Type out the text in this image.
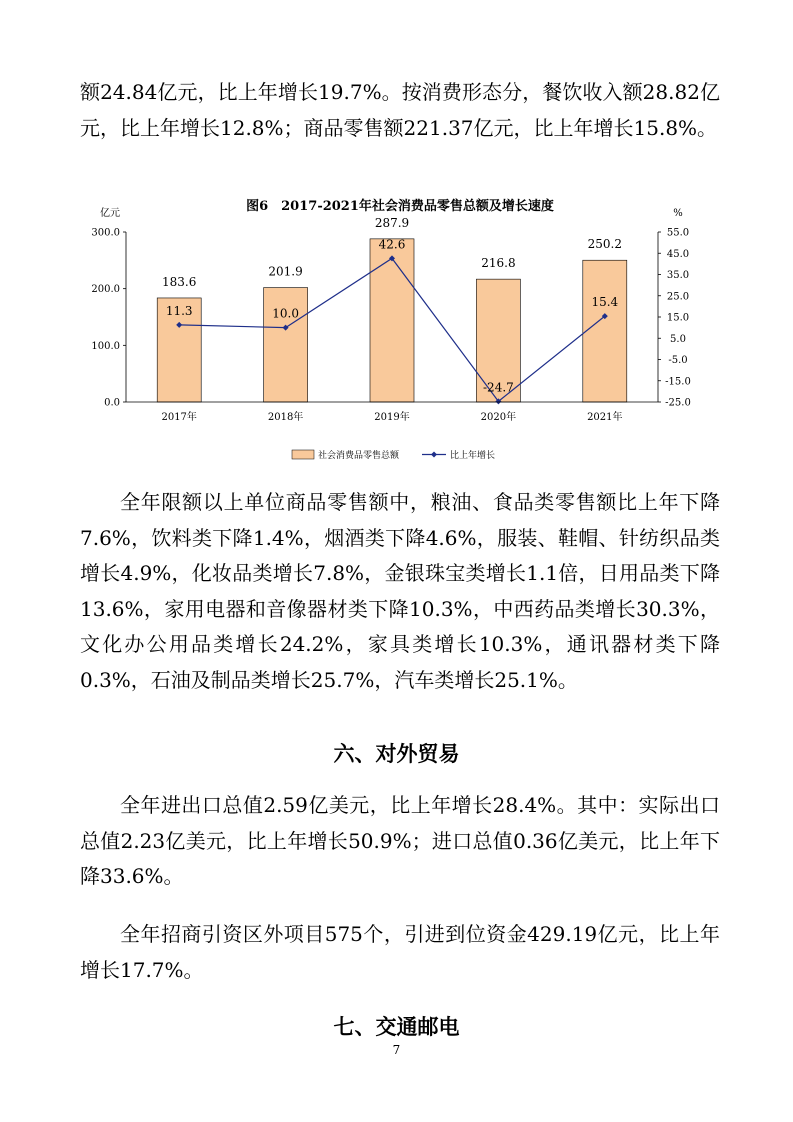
额24.84亿元，比上年增长19.7%。按消费形态分，餐饮收入额28.82亿元，比上年增长12.8%；商品零售额221.37亿元，比上年增长15.8%。

图6　2017-2021年社会消费品零售总额及增长速度
亿元	%
0.0
100.0
200.0
300.0
-25.0
-15.0
-5.0
5.0
15.0
25.0
35.0
45.0
55.0
183.6
201.9
287.9
216.8
250.2
2017年	2018年	2019年	2020年	2021年
11.3	10.0
42.6
-24.7
15.4
社会消费品零售总额	比上年增长

全年限额以上单位商品零售额中，粮油、食品类零售额比上年下降7.6%，饮料类下降1.4%，烟酒类下降4.6%，服装、鞋帽、针纺织品类增长4.9%，化妆品类增长7.8%，金银珠宝类增长1.1倍，日用品类下降13.6%，家用电器和音像器材类下降10.3%，中西药品类增长30.3%，文化办公用品类增长24.2%，家具类增长10.3%，通讯器材类下降0.3%，石油及制品类增长25.7%，汽车类增长25.1%。

六、对外贸易

全年进出口总值2.59亿美元，比上年增长28.4%。其中：实际出口总值2.23亿美元，比上年增长50.9%；进口总值0.36亿美元，比上年下降33.6%。

全年招商引资区外项目575个，引进到位资金429.19亿元，比上年增长17.7%。

七、交通邮电
7
